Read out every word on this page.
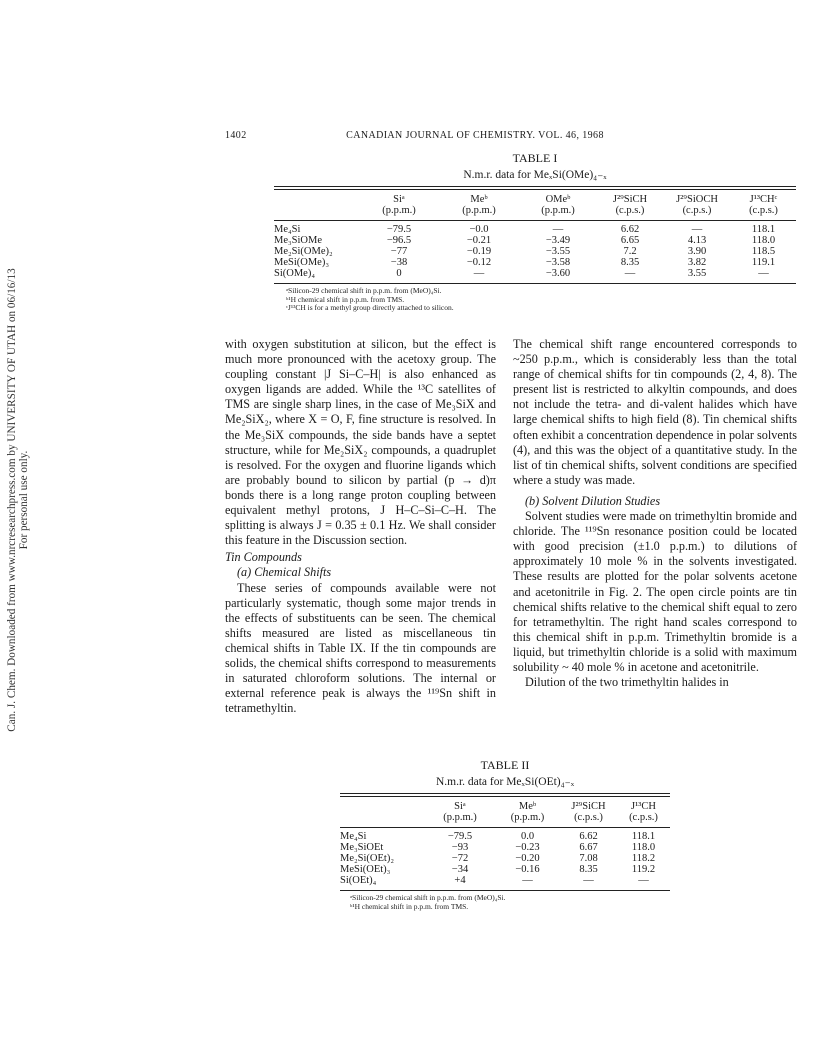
1402	CANADIAN JOURNAL OF CHEMISTRY. VOL. 46, 1968
Can. J. Chem. Downloaded from www.nrcresearchpress.com by UNIVERSITY OF UTAH on 06/16/13 For personal use only.
TABLE I
N.m.r. data for MeₓSi(OMe)₄₋ₓ
	Siᵃ	Meᵇ	OMeᵇ	J²⁹SiCH	J²⁹SiOCH	J¹³CHᶜ
	(p.p.m.)	(p.p.m.)	(p.p.m.)	(c.p.s.)	(c.p.s.)	(c.p.s.)
Me₄Si	−79.5	−0.0	—	6.62	—	118.1
Me₃SiOMe	−96.5	−0.21	−3.49	6.65	4.13	118.0
Me₂Si(OMe)₂	−77	−0.19	−3.55	7.2	3.90	118.5
MeSi(OMe)₃	−38	−0.12	−3.58	8.35	3.82	119.1
Si(OMe)₄	0	—	−3.60	—	3.55	—
ᵃSilicon-29 chemical shift in p.p.m. from (MeO)₄Si.
ᵇ¹H chemical shift in p.p.m. from TMS.
ᶜJ¹³CH is for a methyl group directly attached to silicon.

with oxygen substitution at silicon, but the effect is much more pronounced with the acetoxy group. The coupling constant |J Si–C–H| is also enhanced as oxygen ligands are added. While the ¹³C satellites of TMS are single sharp lines, in the case of Me₃SiX and Me₂SiX₂, where X = O, F, fine structure is resolved. In the Me₃SiX compounds, the side bands have a septet structure, while for Me₂SiX₂ compounds, a quadruplet is resolved. For the oxygen and fluorine ligands which are probably bound to silicon by partial (p → d)π bonds there is a long range proton coupling between equivalent methyl protons, J H–C–Si–C–H. The splitting is always J = 0.35 ± 0.1 Hz. We shall consider this feature in the Discussion section.

Tin Compounds

(a) Chemical Shifts

These series of compounds available were not particularly systematic, though some major trends in the effects of substituents can be seen. The chemical shifts measured are listed as miscellaneous tin chemical shifts in Table IX. If the tin compounds are solids, the chemical shifts correspond to measurements in saturated chloroform solutions. The internal or external reference peak is always the ¹¹⁹Sn shift in tetramethyltin.

The chemical shift range encountered corresponds to ~250 p.p.m., which is considerably less than the total range of chemical shifts for tin compounds (2, 4, 8). The present list is restricted to alkyltin compounds, and does not include the tetra- and di-valent halides which have large chemical shifts to high field (8). Tin chemical shifts often exhibit a concentration dependence in polar solvents (4), and this was the object of a quantitative study. In the list of tin chemical shifts, solvent conditions are specified where a study was made.

(b) Solvent Dilution Studies

Solvent studies were made on trimethyltin bromide and chloride. The ¹¹⁹Sn resonance position could be located with good precision (±1.0 p.p.m.) to dilutions of approximately 10 mole % in the solvents investigated. These results are plotted for the polar solvents acetone and acetonitrile in Fig. 2. The open circle points are tin chemical shifts relative to the chemical shift equal to zero for tetramethyltin. The right hand scales correspond to this chemical shift in p.p.m. Trimethyltin bromide is a liquid, but trimethyltin chloride is a solid with maximum solubility ~ 40 mole % in acetone and acetonitrile.

Dilution of the two trimethyltin halides in

TABLE II
N.m.r. data for MeₓSi(OEt)₄₋ₓ
	Siᵃ	Meᵇ	J²⁹SiCH	J¹³CH
	(p.p.m.)	(p.p.m.)	(c.p.s.)	(c.p.s.)
Me₄Si	−79.5	0.0	6.62	118.1
Me₃SiOEt	−93	−0.23	6.67	118.0
Me₂Si(OEt)₂	−72	−0.20	7.08	118.2
MeSi(OEt)₃	−34	−0.16	8.35	119.2
Si(OEt)₄	+4	—	—	—
ᵃSilicon-29 chemical shift in p.p.m. from (MeO)₄Si.
ᵇ¹H chemical shift in p.p.m. from TMS.
